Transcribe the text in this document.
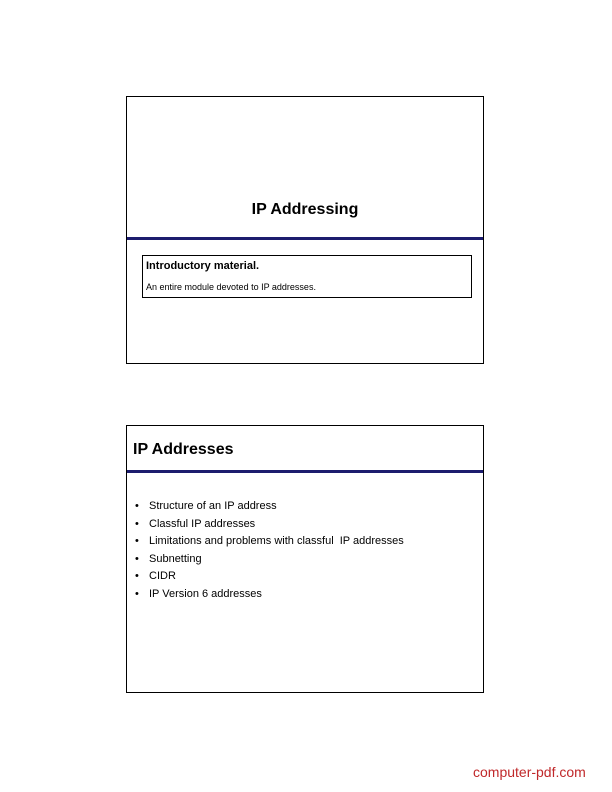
IP Addressing
Introductory material.
An entire module devoted to IP addresses.
IP Addresses
• Structure of an IP address
• Classful IP addresses
• Limitations and problems with classful  IP addresses
• Subnetting
• CIDR
• IP Version 6 addresses
computer-pdf.com
